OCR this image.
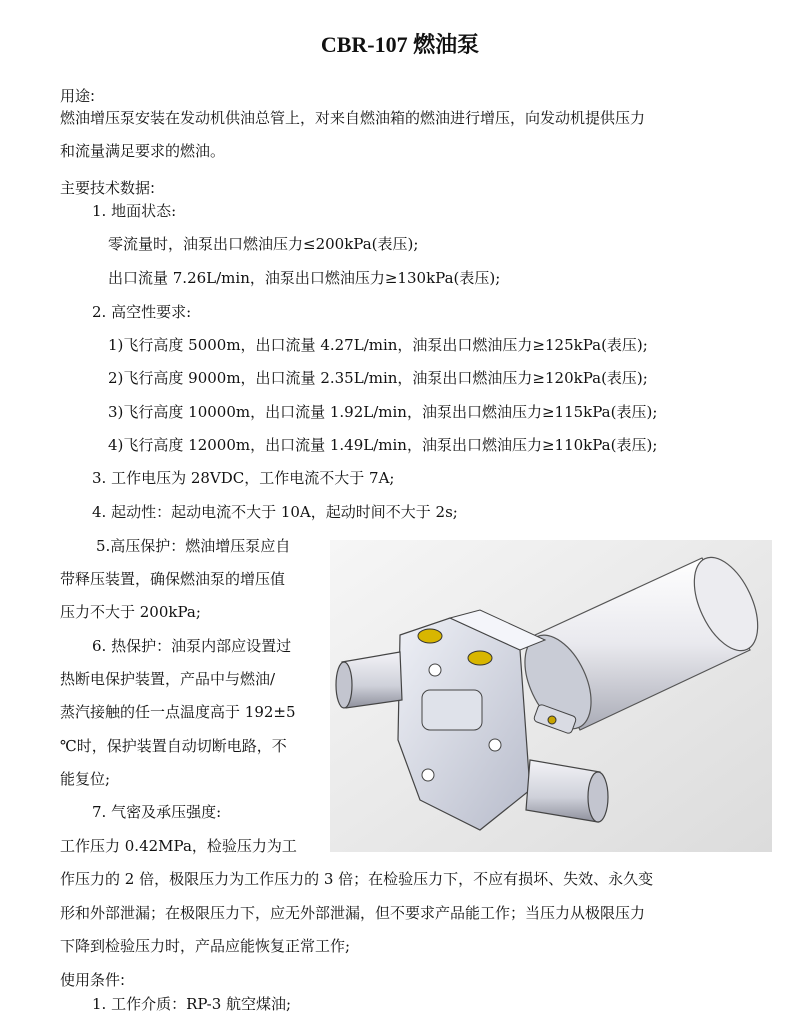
CBR-107 燃油泵
用途:
燃油增压泵安装在发动机供油总管上，对来自燃油箱的燃油进行增压，向发动机提供压力
和流量满足要求的燃油。
主要技术数据:
1. 地面状态:
零流量时，油泵出口燃油压力≤200kPa(表压);
出口流量 7.26L/min，油泵出口燃油压力≥130kPa(表压);
2. 高空性要求:
1)飞行高度 5000m，出口流量 4.27L/min，油泵出口燃油压力≥125kPa(表压);
2)飞行高度 9000m，出口流量 2.35L/min，油泵出口燃油压力≥120kPa(表压);
3)飞行高度 10000m，出口流量 1.92L/min，油泵出口燃油压力≥115kPa(表压);
4)飞行高度 12000m，出口流量 1.49L/min，油泵出口燃油压力≥110kPa(表压);
3. 工作电压为 28VDC，工作电流不大于 7A;
4. 起动性：起动电流不大于 10A，起动时间不大于 2s;
5.高压保护：燃油增压泵应自
带释压装置，确保燃油泵的增压值
压力不大于 200kPa;
6. 热保护：油泵内部应设置过
热断电保护装置，产品中与燃油/
蒸汽接触的任一点温度高于 192±5
℃时，保护装置自动切断电路，不
能复位;
7. 气密及承压强度:
工作压力 0.42MPa，检验压力为工
作压力的 2 倍，极限压力为工作压力的 3 倍；在检验压力下，不应有损坏、失效、永久变
形和外部泄漏；在极限压力下，应无外部泄漏，但不要求产品能工作；当压力从极限压力
下降到检验压力时，产品应能恢复正常工作;
使用条件:
1. 工作介质：RP-3 航空煤油;
